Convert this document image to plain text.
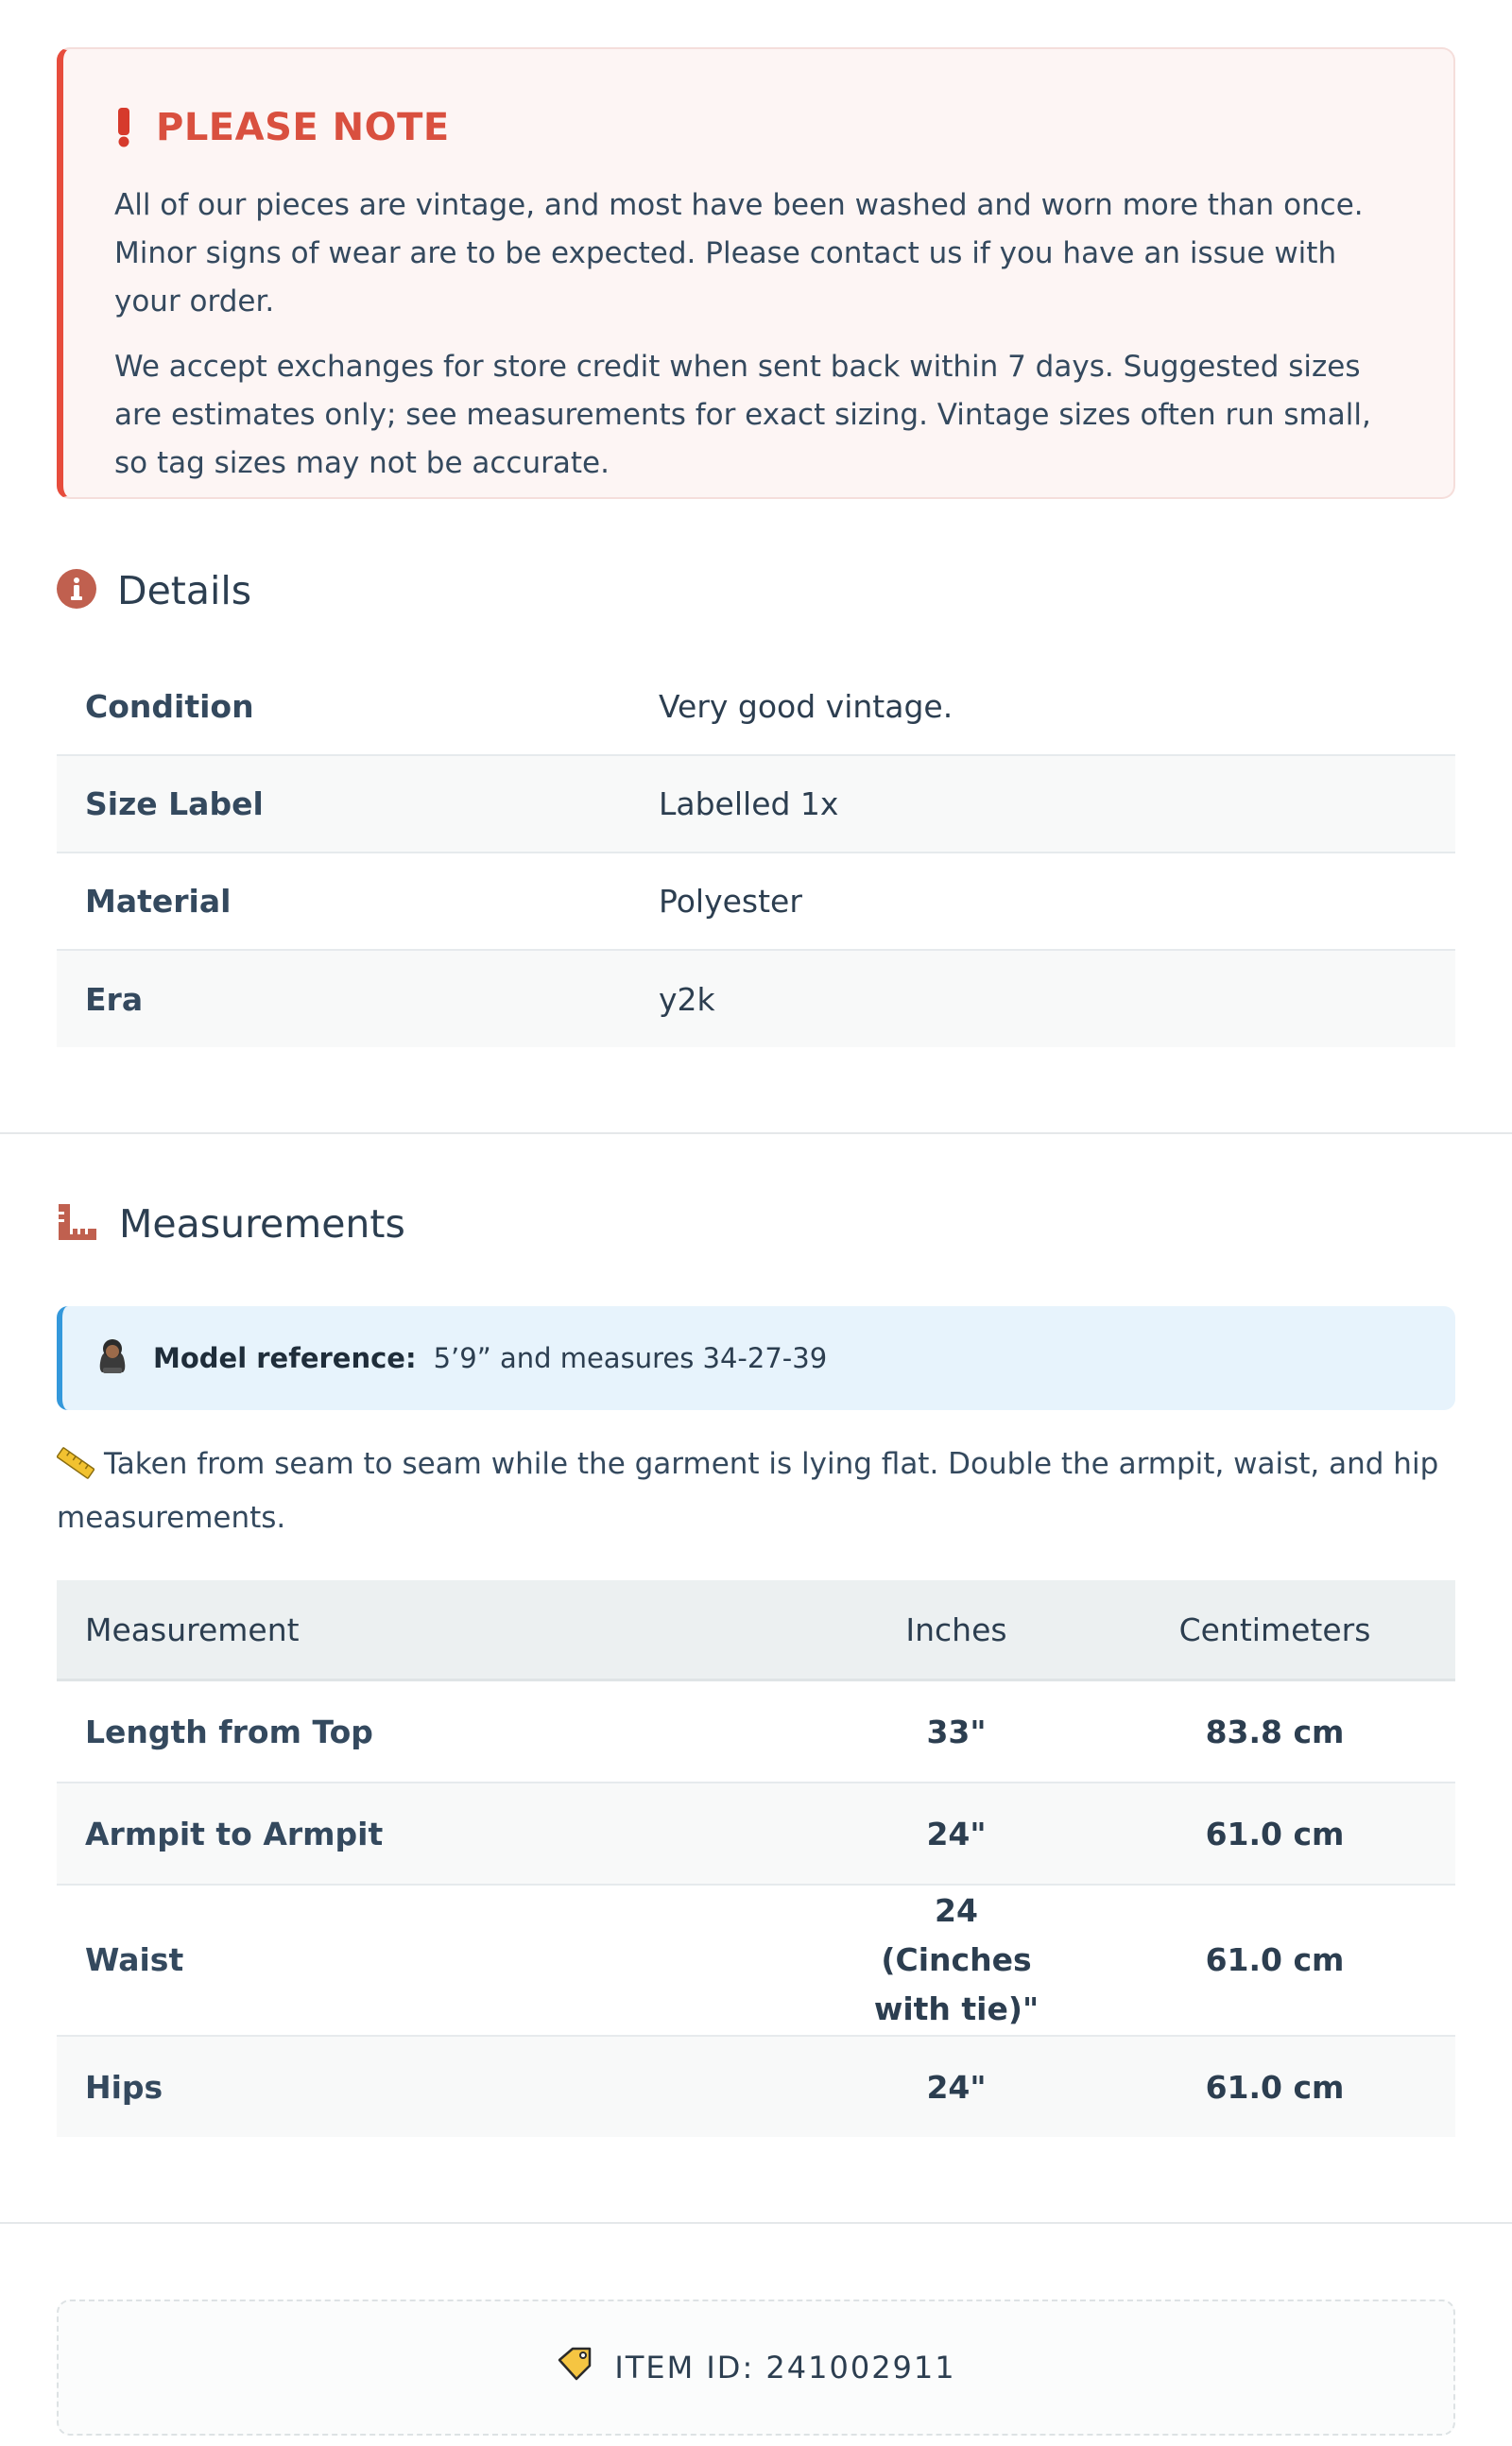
PLEASE NOTE

All of our pieces are vintage, and most have been washed and worn more than once. Minor signs of wear are to be expected. Please contact us if you have an issue with your order.

We accept exchanges for store credit when sent back within 7 days. Suggested sizes are estimates only; see measurements for exact sizing. Vintage sizes often run small, so tag sizes may not be accurate.

Details
Condition	Very good vintage.
Size Label	Labelled 1x
Material	Polyester
Era	y2k
Measurements
Model reference: 5’9” and measures 34-27-39
Taken from seam to seam while the garment is lying flat. Double the armpit, waist, and hip measurements.
Measurement	Inches	Centimeters
Length from Top	33"	83.8 cm
Armpit to Armpit	24"	61.0 cm
Waist	24 (Cinches with tie)"	61.0 cm
Hips	24"	61.0 cm
ITEM ID: 241002911
